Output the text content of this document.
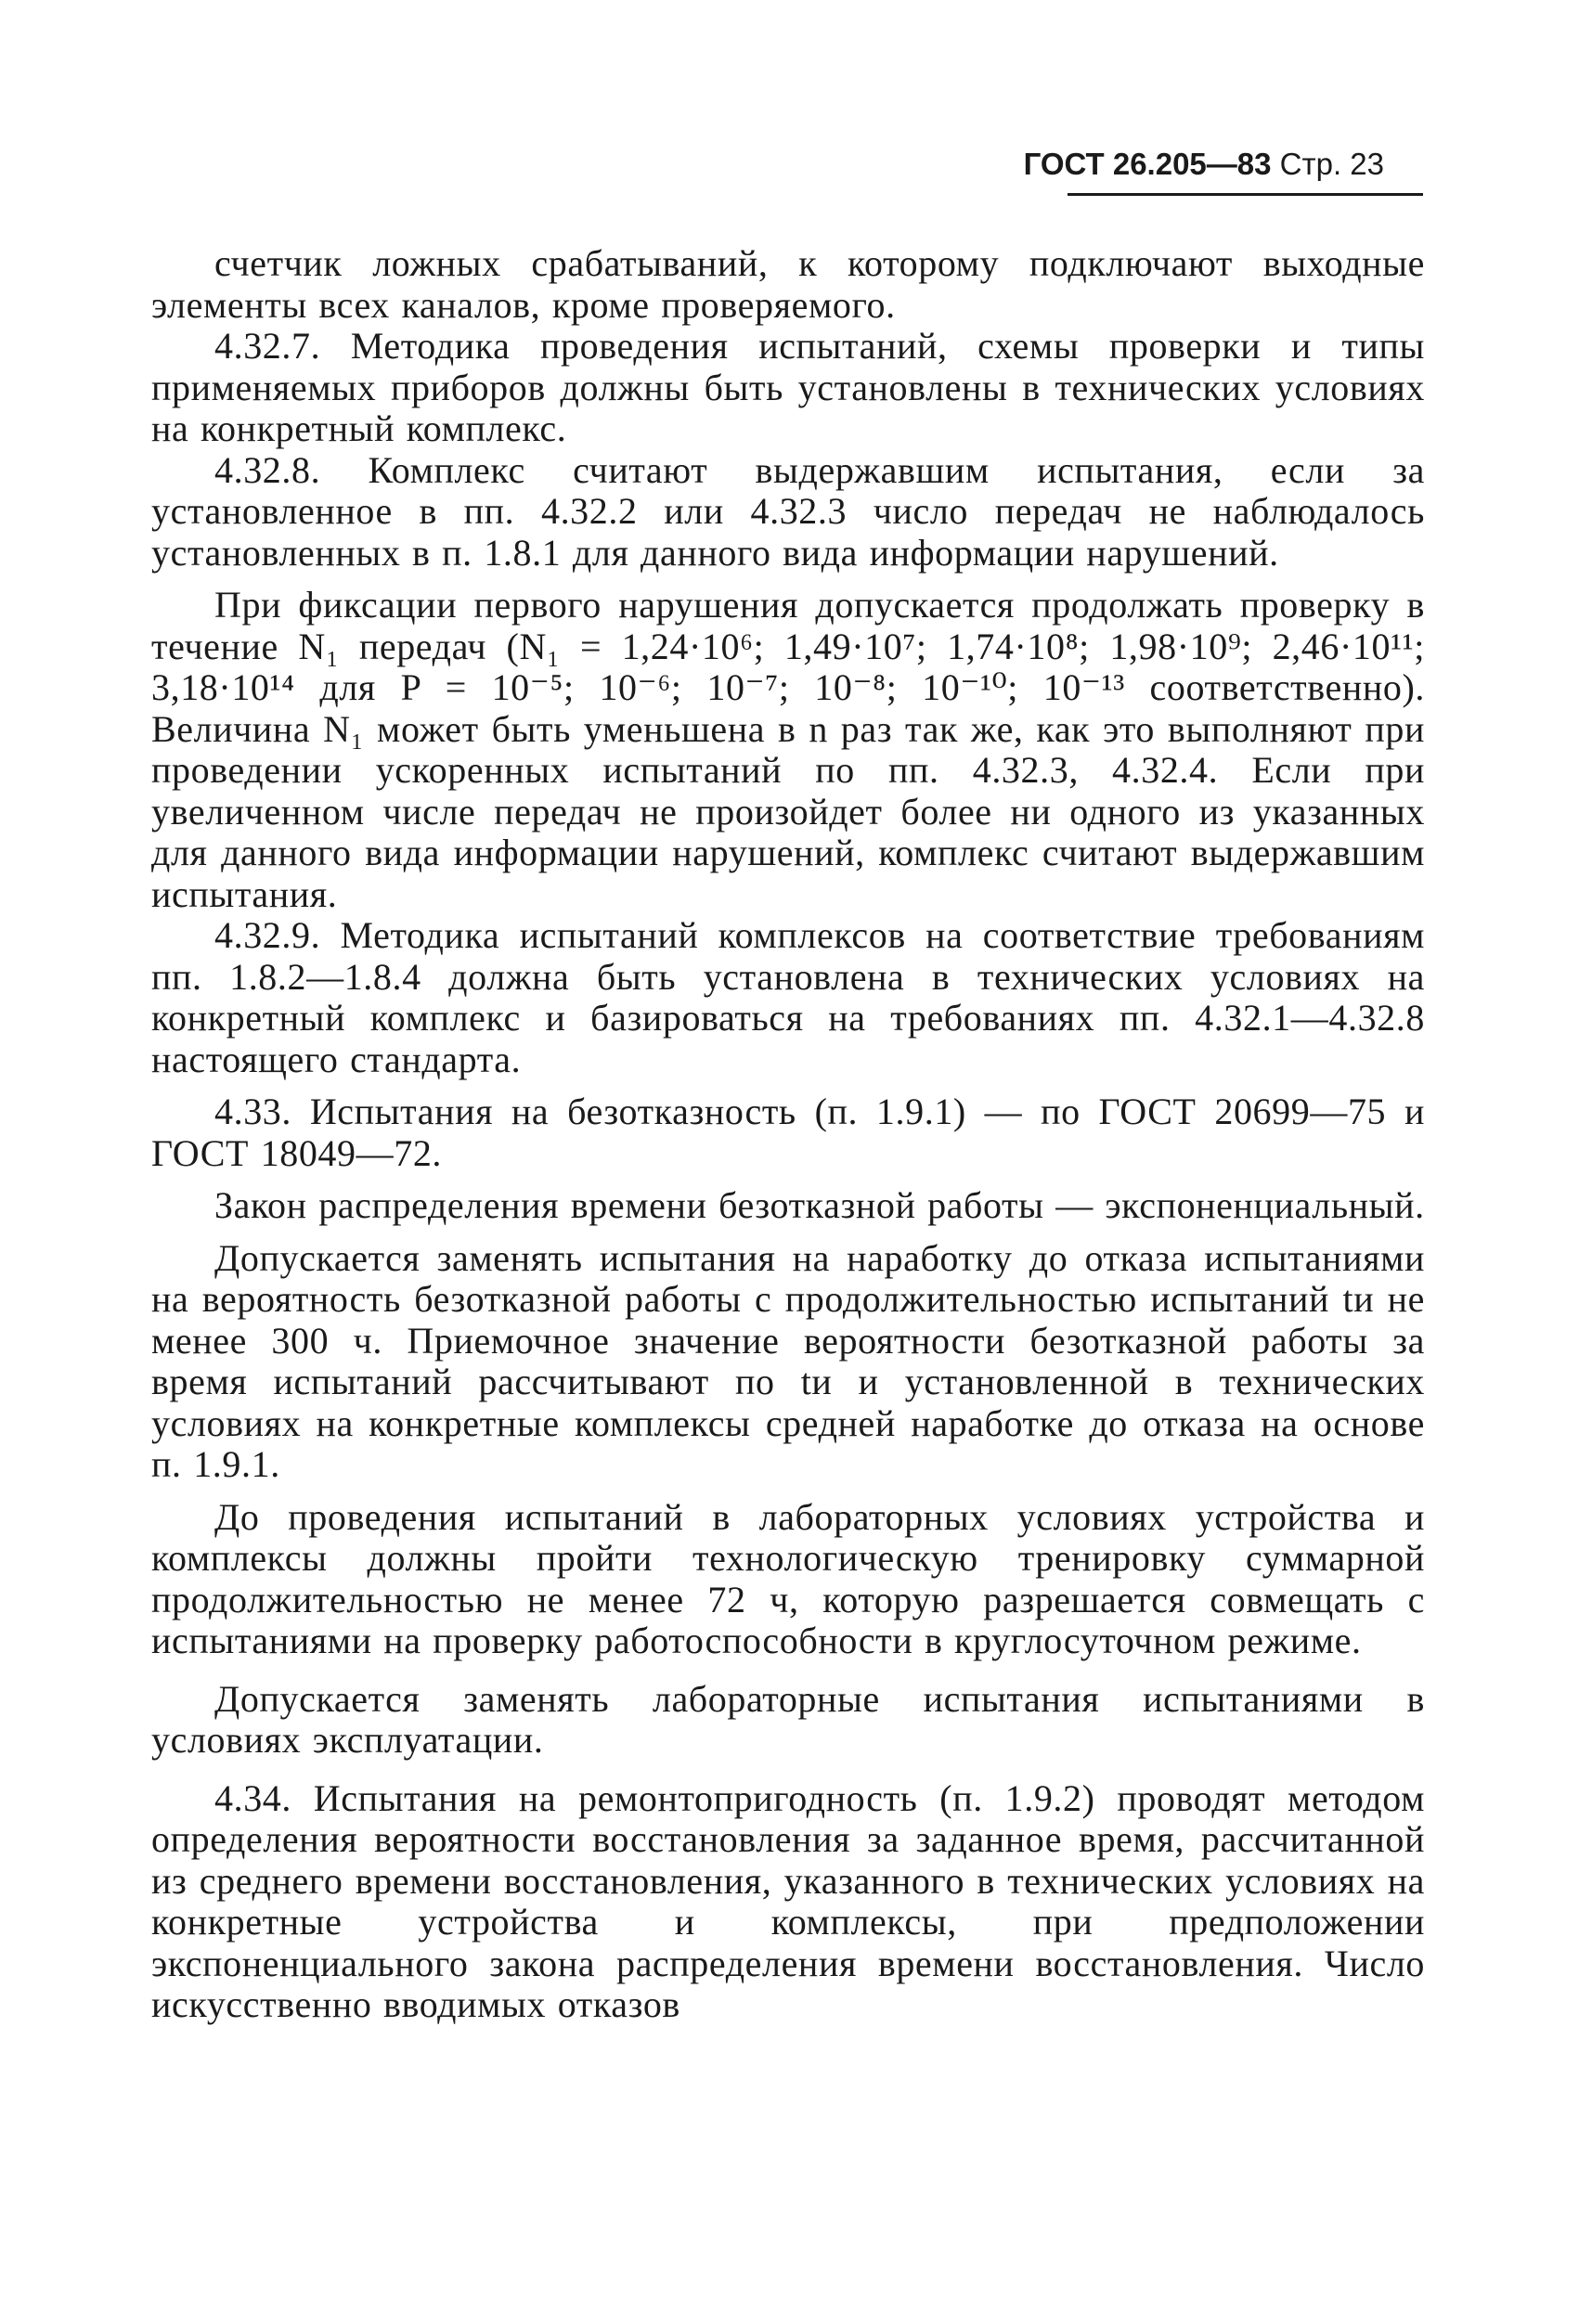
ГОСТ 26.205—83 Стр. 23

счетчик ложных срабатываний, к которому подключают выходные элементы всех каналов, кроме проверяемого.

4.32.7. Методика проведения испытаний, схемы проверки и типы применяемых приборов должны быть установлены в технических условиях на конкретный комплекс.

4.32.8. Комплекс считают выдержавшим испытания, если за установленное в пп. 4.32.2 или 4.32.3 число передач не наблюдалось установленных в п. 1.8.1 для данного вида информации нарушений.

При фиксации первого нарушения допускается продолжать проверку в течение N₁ передач (N₁ = 1,24·10⁶; 1,49·10⁷; 1,74·10⁸; 1,98·10⁹; 2,46·10¹¹; 3,18·10¹⁴ для P = 10⁻⁵; 10⁻⁶; 10⁻⁷; 10⁻⁸; 10⁻¹⁰; 10⁻¹³ соответственно). Величина N₁ может быть уменьшена в n раз так же, как это выполняют при проведении ускоренных испытаний по пп. 4.32.3, 4.32.4. Если при увеличенном числе передач не произойдет более ни одного из указанных для данного вида информации нарушений, комплекс считают выдержавшим испытания.

4.32.9. Методика испытаний комплексов на соответствие требованиям пп. 1.8.2—1.8.4 должна быть установлена в технических условиях на конкретный комплекс и базироваться на требованиях пп. 4.32.1—4.32.8 настоящего стандарта.

4.33. Испытания на безотказность (п. 1.9.1) — по ГОСТ 20699—75 и ГОСТ 18049—72.

Закон распределения времени безотказной работы — экспоненциальный.

Допускается заменять испытания на наработку до отказа испытаниями на вероятность безотказной работы с продолжительностью испытаний tи не менее 300 ч. Приемочное значение вероятности безотказной работы за время испытаний рассчитывают по tи и установленной в технических условиях на конкретные комплексы средней наработке до отказа на основе п. 1.9.1.

До проведения испытаний в лабораторных условиях устройства и комплексы должны пройти технологическую тренировку суммарной продолжительностью не менее 72 ч, которую разрешается совмещать с испытаниями на проверку работоспособности в круглосуточном режиме.

Допускается заменять лабораторные испытания испытаниями в условиях эксплуатации.

4.34. Испытания на ремонтопригодность (п. 1.9.2) проводят методом определения вероятности восстановления за заданное время, рассчитанной из среднего времени восстановления, указанного в технических условиях на конкретные устройства и комплексы, при предположении экспоненциального закона распределения времени восстановления. Число искусственно вводимых отказов
